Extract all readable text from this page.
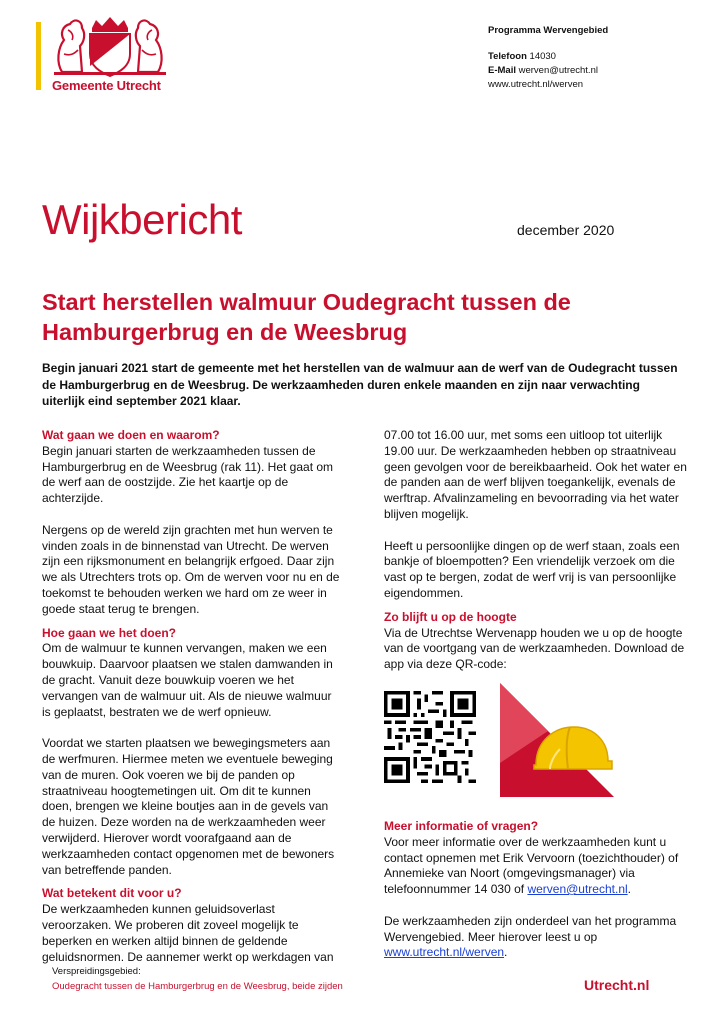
Gemeente Utrecht
Programma Wervengebied
Telefoon 14030
E-Mail werven@utrecht.nl
www.utrecht.nl/werven
Wijkbericht	december 2020
Start herstellen walmuur Oudegracht tussen de Hamburgerbrug en de Weesbrug
Begin januari 2021 start de gemeente met het herstellen van de walmuur aan de werf van de Oudegracht tussen de Hamburgerbrug en de Weesbrug. De werkzaamheden duren enkele maanden en zijn naar verwachting uiterlijk eind september 2021 klaar.
Wat gaan we doen en waarom?

Begin januari starten de werkzaamheden tussen de Hamburgerbrug en de Weesbrug (rak 11). Het gaat om de werf aan de oostzijde. Zie het kaartje op de achterzijde.

Nergens op de wereld zijn grachten met hun werven te vinden zoals in de binnenstad van Utrecht. De werven zijn een rijksmonument en belangrijk erfgoed. Daar zijn we als Utrechters trots op. Om de werven voor nu en de toekomst te behouden werken we hard om ze weer in goede staat terug te brengen.

Hoe gaan we het doen?

Om de walmuur te kunnen vervangen, maken we een bouwkuip. Daarvoor plaatsen we stalen damwanden in de gracht. Vanuit deze bouwkuip voeren we het vervangen van de walmuur uit. Als de nieuwe walmuur is geplaatst, bestraten we de werf opnieuw.

Voordat we starten plaatsen we bewegingsmeters aan de werfmuren. Hiermee meten we eventuele beweging van de muren. Ook voeren we bij de panden op straatniveau hoogtemetingen uit. Om dit te kunnen doen, brengen we kleine boutjes aan in de gevels van de huizen. Deze worden na de werkzaamheden weer verwijderd. Hierover wordt voorafgaand aan de werkzaamheden contact opgenomen met de bewoners van betreffende panden.

Wat betekent dit voor u?

De werkzaamheden kunnen geluidsoverlast veroorzaken. We proberen dit zoveel mogelijk te beperken en werken altijd binnen de geldende geluidsnormen. De aannemer werkt op werkdagen van

07.00 tot 16.00 uur, met soms een uitloop tot uiterlijk 19.00 uur. De werkzaamheden hebben op straatniveau geen gevolgen voor de bereikbaarheid. Ook het water en de panden aan de werf blijven toegankelijk, evenals de werftrap. Afvalinzameling en bevoorrading via het water blijven mogelijk.

Heeft u persoonlijke dingen op de werf staan, zoals een bankje of bloempotten? Een vriendelijk verzoek om die vast op te bergen, zodat de werf vrij is van persoonlijke eigendommen.

Zo blijft u op de hoogte

Via de Utrechtse Wervenapp houden we u op de hoogte van de voortgang van de werkzaamheden. Download de app via deze QR-code:

Meer informatie of vragen?

Voor meer informatie over de werkzaamheden kunt u contact opnemen met Erik Vervoorn (toezichthouder) of Annemieke van Noort (omgevingsmanager) via telefoonnummer 14 030 of werven@utrecht.nl.

De werkzaamheden zijn onderdeel van het programma Wervengebied. Meer hierover leest u op www.utrecht.nl/werven.

Verspreidingsgebied:
Oudegracht tussen de Hamburgerbrug en de Weesbrug, beide zijden	Utrecht.nl
